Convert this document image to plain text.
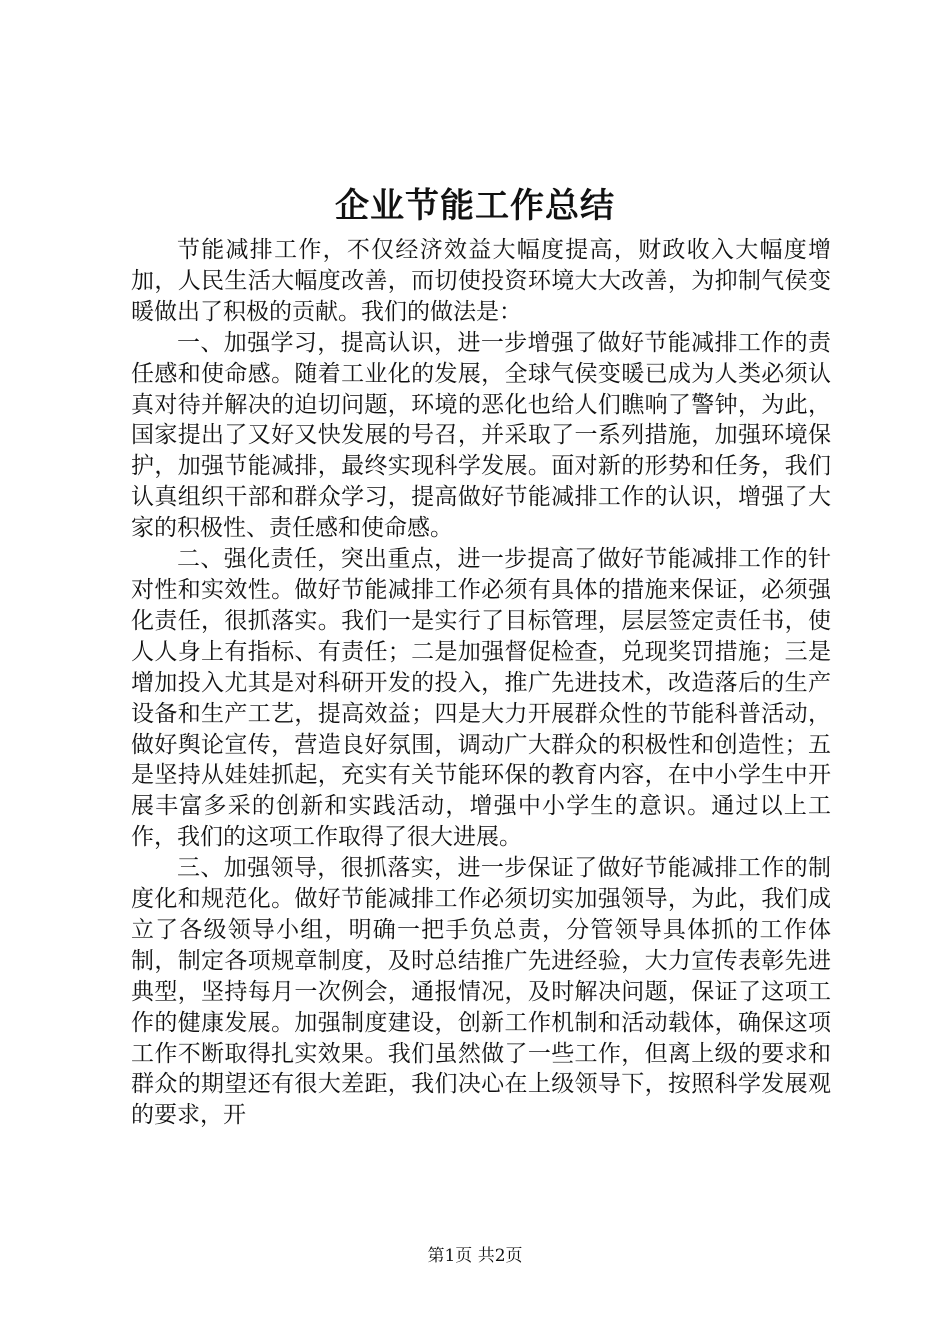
企业节能工作总结

节能减排工作，不仅经济效益大幅度提高，财政收入大幅度增加，人民生活大幅度改善，而切使投资环境大大改善，为抑制气侯变暖做出了积极的贡献。我们的做法是：

一、加强学习，提高认识，进一步增强了做好节能减排工作的责任感和使命感。随着工业化的发展，全球气侯变暖已成为人类必须认真对待并解决的迫切问题，环境的恶化也给人们瞧响了警钟，为此，国家提出了又好又快发展的号召，并采取了一系列措施，加强环境保护，加强节能减排，最终实现科学发展。面对新的形势和任务，我们认真组织干部和群众学习，提高做好节能减排工作的认识，增强了大家的积极性、责任感和使命感。

二、强化责任，突出重点，进一步提高了做好节能减排工作的针对性和实效性。做好节能减排工作必须有具体的措施来保证，必须强化责任，很抓落实。我们一是实行了目标管理，层层签定责任书，使人人身上有指标、有责任；二是加强督促检查，兑现奖罚措施；三是增加投入尤其是对科研开发的投入，推广先进技术，改造落后的生产设备和生产工艺，提高效益；四是大力开展群众性的节能科普活动，做好舆论宣传，营造良好氛围，调动广大群众的积极性和创造性；五是坚持从娃娃抓起，充实有关节能环保的教育内容，在中小学生中开展丰富多采的创新和实践活动，增强中小学生的意识。通过以上工作，我们的这项工作取得了很大进展。

三、加强领导，很抓落实，进一步保证了做好节能减排工作的制度化和规范化。做好节能减排工作必须切实加强领导，为此，我们成立了各级领导小组，明确一把手负总责，分管领导具体抓的工作体制，制定各项规章制度，及时总结推广先进经验，大力宣传表彰先进典型，坚持每月一次例会，通报情况，及时解决问题，保证了这项工作的健康发展。加强制度建设，创新工作机制和活动载体，确保这项工作不断取得扎实效果。我们虽然做了一些工作，但离上级的要求和群众的期望还有很大差距，我们决心在上级领导下，按照科学发展观的要求，开

第1页 共2页
